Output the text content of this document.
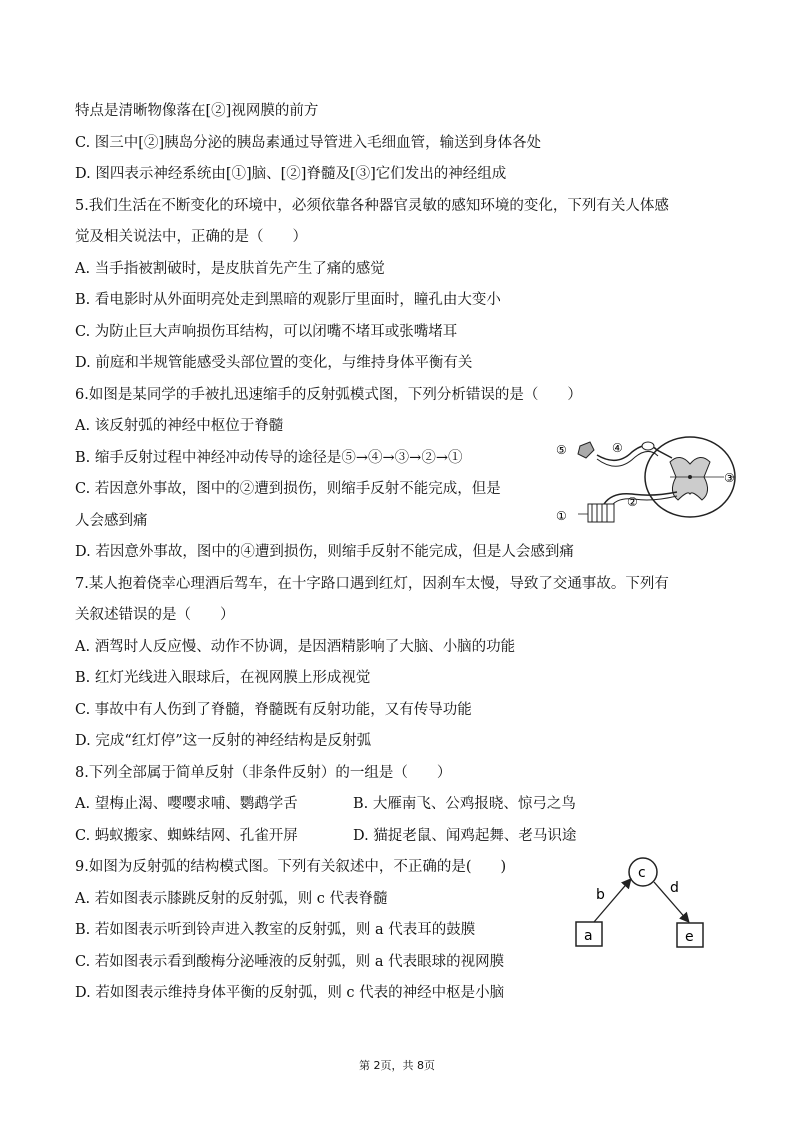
特点是清晰物像落在[②]视网膜的前方
C. 图三中[②]胰岛分泌的胰岛素通过导管进入毛细血管，输送到身体各处
D. 图四表示神经系统由[①]脑、[②]脊髓及[③]它们发出的神经组成
5.我们生活在不断变化的环境中，必须依靠各种器官灵敏的感知环境的变化，下列有关人体感
觉及相关说法中，正确的是（　　）
A. 当手指被割破时，是皮肤首先产生了痛的感觉
B. 看电影时从外面明亮处走到黑暗的观影厅里面时，瞳孔由大变小
C. 为防止巨大声响损伤耳结构，可以闭嘴不堵耳或张嘴堵耳
D. 前庭和半规管能感受头部位置的变化，与维持身体平衡有关
6.如图是某同学的手被扎迅速缩手的反射弧模式图，下列分析错误的是（　　）
A. 该反射弧的神经中枢位于脊髓
B. 缩手反射过程中神经冲动传导的途径是⑤→④→③→②→①
C. 若因意外事故，图中的②遭到损伤，则缩手反射不能完成，但是
人会感到痛
D. 若因意外事故，图中的④遭到损伤，则缩手反射不能完成，但是人会感到痛
⑤	④
③
②
①
7.某人抱着侥幸心理酒后驾车，在十字路口遇到红灯，因刹车太慢，导致了交通事故。下列有
关叙述错误的是（　　）
A. 酒驾时人反应慢、动作不协调，是因酒精影响了大脑、小脑的功能
B. 红灯光线进入眼球后，在视网膜上形成视觉
C. 事故中有人伤到了脊髓，脊髓既有反射功能，又有传导功能
D. 完成“红灯停”这一反射的神经结构是反射弧
8.下列全部属于简单反射（非条件反射）的一组是（　　）
A. 望梅止渴、嘤嘤求哺、鹦鹉学舌	B. 大雁南飞、公鸡报晓、惊弓之鸟
C. 蚂蚁搬家、蜘蛛结网、孔雀开屏	D. 猫捉老鼠、闻鸡起舞、老马识途
9.如图为反射弧的结构模式图。下列有关叙述中，不正确的是(　　)
A. 若如图表示膝跳反射的反射弧，则 c 代表脊髓
B. 若如图表示听到铃声进入教室的反射弧，则 a 代表耳的鼓膜
C. 若如图表示看到酸梅分泌唾液的反射弧，则 a 代表眼球的视网膜
D. 若如图表示维持身体平衡的反射弧，则 c 代表的神经中枢是小脑
a
c
e
b	d
第 2页，共 8页
